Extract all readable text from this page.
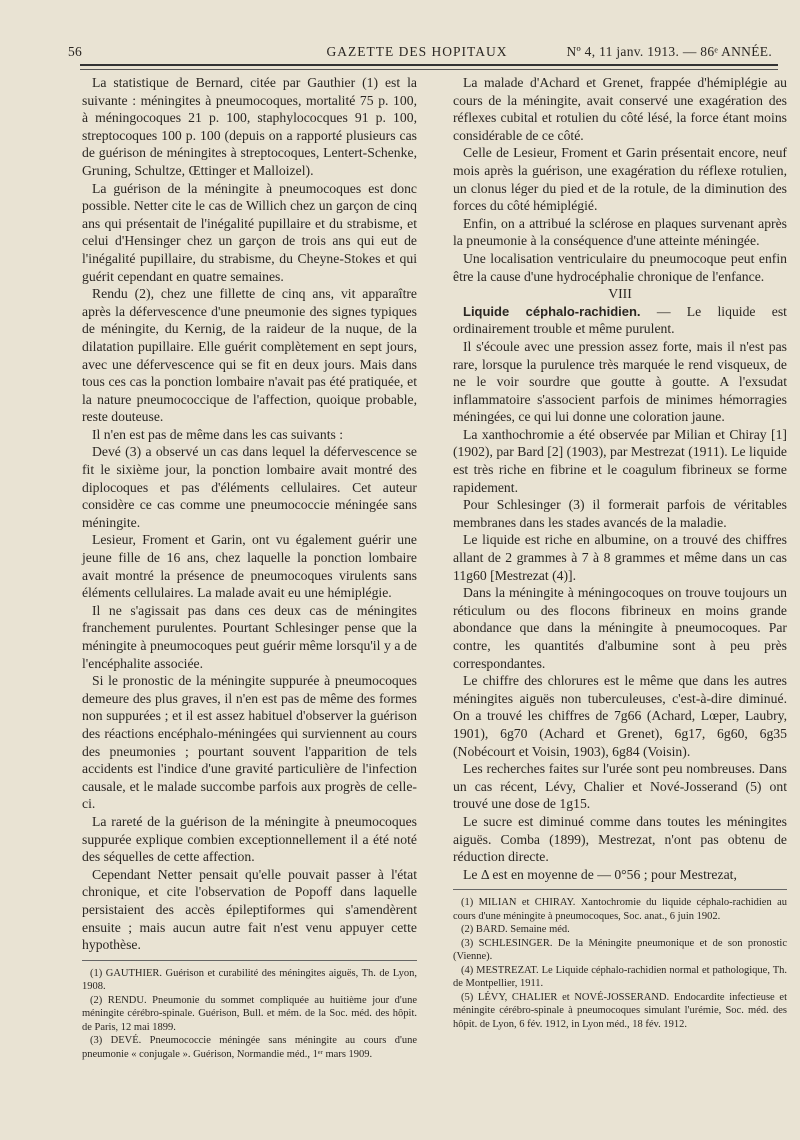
56	GAZETTE DES HOPITAUX	Nº 4, 11 janv. 1913. — 86ᵉ ANNÉE.

La statistique de Bernard, citée par Gauthier (1) est la suivante : méningites à pneumocoques, mortalité 75 p. 100, à méningocoques 21 p. 100, staphylococques 91 p. 100, streptocoques 100 p. 100 (depuis on a rapporté plusieurs cas de guérison de méningites à streptocoques, Lentert-Schenke, Gruning, Schultze, Œttinger et Malloizel).

La guérison de la méningite à pneumocoques est donc possible. Netter cite le cas de Willich chez un garçon de cinq ans qui présentait de l'inégalité pupillaire et du strabisme, et celui d'Hensinger chez un garçon de trois ans qui eut de l'inégalité pupillaire, du strabisme, du Cheyne-Stokes et qui guérit cependant en quatre semaines.

Rendu (2), chez une fillette de cinq ans, vit apparaître après la défervescence d'une pneumonie des signes typiques de méningite, du Kernig, de la raideur de la nuque, de la dilatation pupillaire. Elle guérit complètement en sept jours, avec une défervescence qui se fit en deux jours. Mais dans tous ces cas la ponction lombaire n'avait pas été pratiquée, et la nature pneumococcique de l'affection, quoique probable, reste douteuse.

Il n'en est pas de même dans les cas suivants :

Devé (3) a observé un cas dans lequel la défervescence se fit le sixième jour, la ponction lombaire avait montré des diplocoques et pas d'éléments cellulaires. Cet auteur considère ce cas comme une pneumococcie méningée sans méningite.

Lesieur, Froment et Garin, ont vu également guérir une jeune fille de 16 ans, chez laquelle la ponction lombaire avait montré la présence de pneumocoques virulents sans éléments cellulaires. La malade avait eu une hémiplégie.

Il ne s'agissait pas dans ces deux cas de méningites franchement purulentes. Pourtant Schlesinger pense que la méningite à pneumocoques peut guérir même lorsqu'il y a de l'encéphalite associée.

Si le pronostic de la méningite suppurée à pneumocoques demeure des plus graves, il n'en est pas de même des formes non suppurées ; et il est assez habituel d'observer la guérison des réactions encéphalo-méningées qui surviennent au cours des pneumonies ; pourtant souvent l'apparition de tels accidents est l'indice d'une gravité particulière de l'infection causale, et le malade succombe parfois aux progrès de celle-ci.

La rareté de la guérison de la méningite à pneumocoques suppurée explique combien exceptionnellement il a été noté des séquelles de cette affection.

Cependant Netter pensait qu'elle pouvait passer à l'état chronique, et cite l'observation de Popoff dans laquelle persistaient des accès épileptiformes qui s'amendèrent ensuite ; mais aucun autre fait n'est venu appuyer cette hypothèse.

(1) GAUTHIER. Guérison et curabilité des méningites aiguës, Th. de Lyon, 1908.

(2) RENDU. Pneumonie du sommet compliquée au huitième jour d'une méningite cérébro-spinale. Guérison, Bull. et mém. de la Soc. méd. des hôpit. de Paris, 12 mai 1899.

(3) DEVÉ. Pneumococcie méningée sans méningite au cours d'une pneumonie « conjugale ». Guérison, Normandie méd., 1ᵉʳ mars 1909.

La malade d'Achard et Grenet, frappée d'hémiplégie au cours de la méningite, avait conservé une exagération des réflexes cubital et rotulien du côté lésé, la force étant moins considérable de ce côté.

Celle de Lesieur, Froment et Garin présentait encore, neuf mois après la guérison, une exagération du réflexe rotulien, un clonus léger du pied et de la rotule, de la diminution des forces du côté hémiplégié.

Enfin, on a attribué la sclérose en plaques survenant après la pneumonie à la conséquence d'une atteinte méningée.

Une localisation ventriculaire du pneumocoque peut enfin être la cause d'une hydrocéphalie chronique de l'enfance.

VIII

Liquide céphalo-rachidien. — Le liquide est ordinairement trouble et même purulent.

Il s'écoule avec une pression assez forte, mais il n'est pas rare, lorsque la purulence très marquée le rend visqueux, de ne le voir sourdre que goutte à goutte. A l'exsudat inflammatoire s'associent parfois de minimes hémorragies méningées, ce qui lui donne une coloration jaune.

La xanthochromie a été observée par Milian et Chiray [1] (1902), par Bard [2] (1903), par Mestrezat (1911). Le liquide est très riche en fibrine et le coagulum fibrineux se forme rapidement.

Pour Schlesinger (3) il formerait parfois de véritables membranes dans les stades avancés de la maladie.

Le liquide est riche en albumine, on a trouvé des chiffres allant de 2 grammes à 7 à 8 grammes et même dans un cas 11g60 [Mestrezat (4)].

Dans la méningite à méningocoques on trouve toujours un réticulum ou des flocons fibrineux en moins grande abondance que dans la méningite à pneumocoques. Par contre, les quantités d'albumine sont à peu près correspondantes.

Le chiffre des chlorures est le même que dans les autres méningites aiguës non tuberculeuses, c'est-à-dire diminué. On a trouvé les chiffres de 7g66 (Achard, Lœper, Laubry, 1901), 6g70 (Achard et Grenet), 6g17, 6g60, 6g35 (Nobécourt et Voisin, 1903), 6g84 (Voisin).

Les recherches faites sur l'urée sont peu nombreuses. Dans un cas récent, Lévy, Chalier et Nové-Josserand (5) ont trouvé une dose de 1g15.

Le sucre est diminué comme dans toutes les méningites aiguës. Comba (1899), Mestrezat, n'ont pas obtenu de réduction directe.

Le Δ est en moyenne de — 0°56 ; pour Mestrezat,

(1) MILIAN et CHIRAY. Xantochromie du liquide céphalo-rachidien au cours d'une méningite à pneumocoques, Soc. anat., 6 juin 1902.

(2) BARD. Semaine méd.

(3) SCHLESINGER. De la Méningite pneumonique et de son pronostic (Vienne).

(4) MESTREZAT. Le Liquide céphalo-rachidien normal et pathologique, Th. de Montpellier, 1911.

(5) LÉVY, CHALIER et NOVÉ-JOSSERAND. Endocardite infectieuse et méningite cérébro-spinale à pneumocoques simulant l'urémie, Soc. méd. des hôpit. de Lyon, 6 fév. 1912, in Lyon méd., 18 fév. 1912.
